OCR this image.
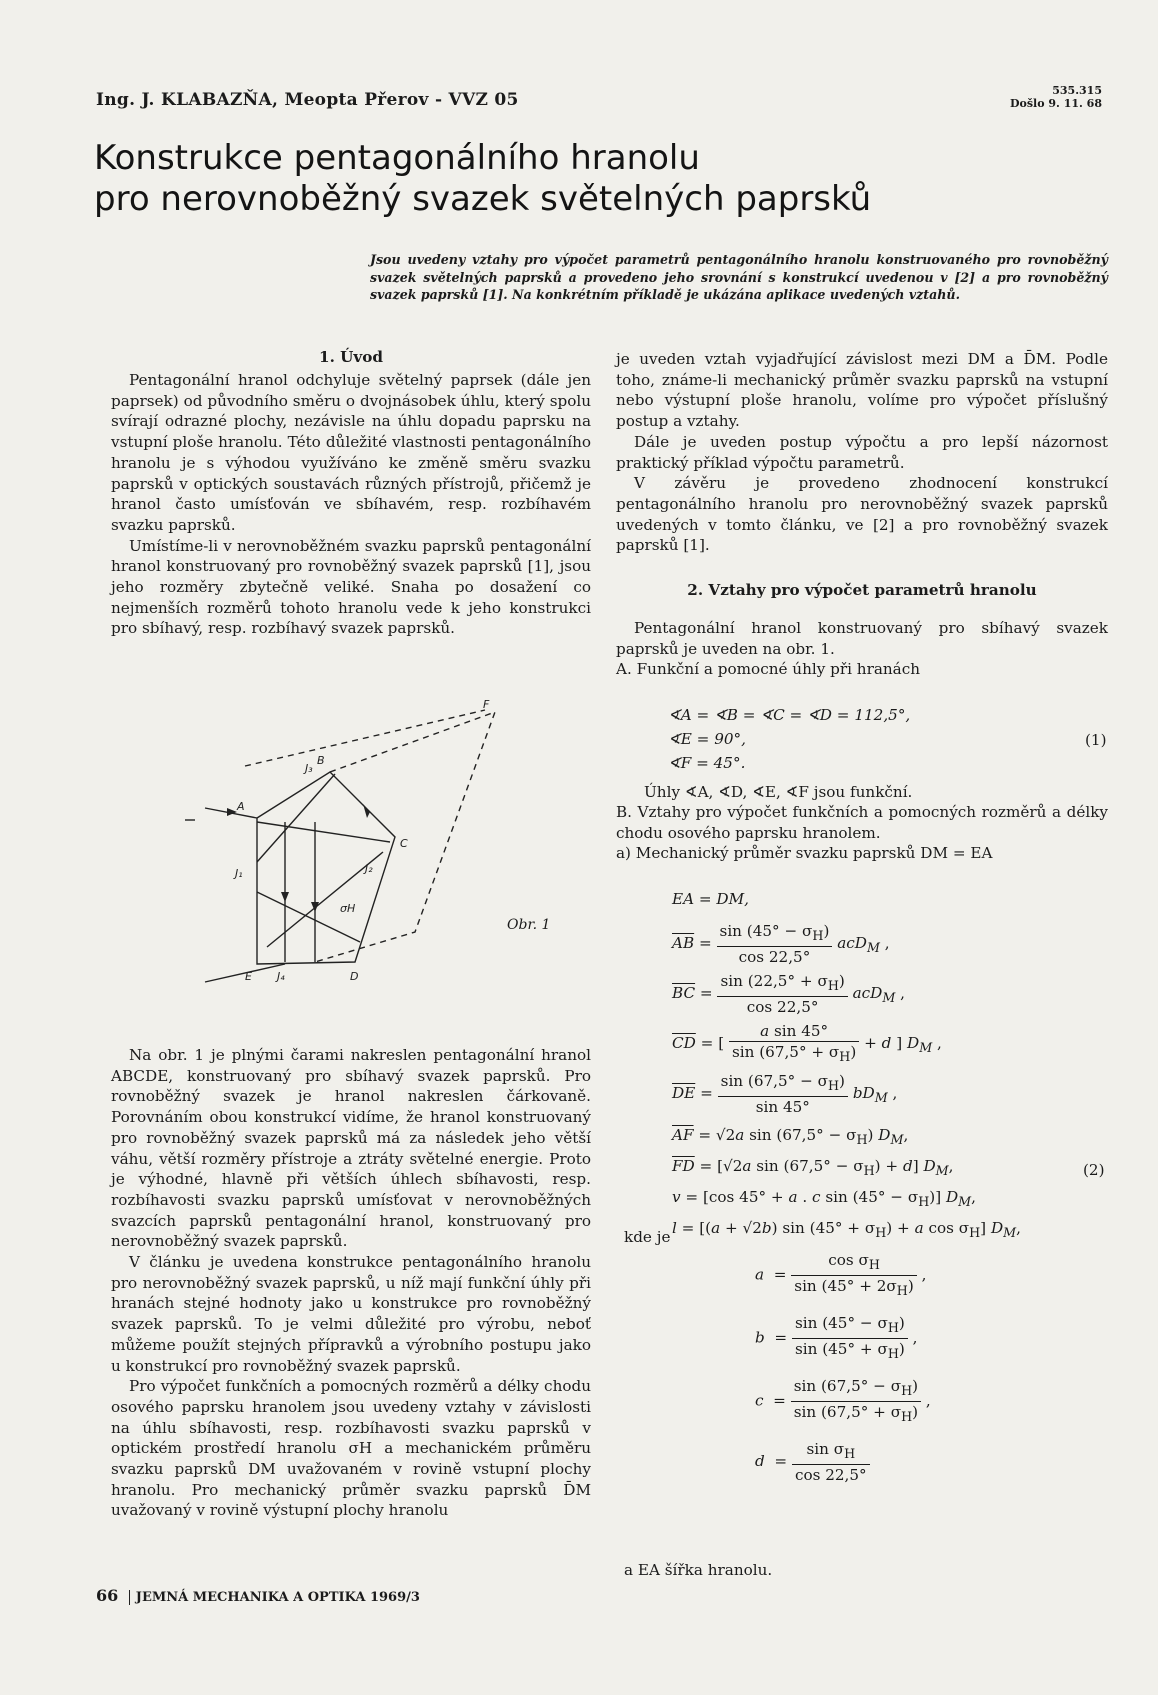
Ing. J. KLABAZŇA, Meopta Přerov - VVZ 05	535.315
Došlo 9. 11. 68
Konstrukce pentagonálního hranolu
pro nerovnoběžný svazek světelných paprsků
Jsou uvedeny vztahy pro výpočet parametrů pentagonálního hranolu konstruovaného pro rovnoběžný svazek světelných paprsků a provedeno jeho srovnání s konstrukcí uvedenou v [2] a pro rovnoběžný svazek paprsků [1]. Na konkrétním příkladě je ukázána aplikace uvedených vztahů.
1. Úvod

Pentagonální hranol odchyluje světelný paprsek (dále jen paprsek) od původního směru o dvojnásobek úhlu, který spolu svírají odrazné plochy, nezávisle na úhlu dopadu paprsku na vstupní ploše hranolu. Této důležité vlastnosti pentagonálního hranolu je s výhodou využíváno ke změně směru svazku paprsků v optických soustavách různých přístrojů, přičemž je hranol často umísťován ve sbíhavém, resp. rozbíhavém svazku paprsků.

Umístíme-li v nerovnoběžném svazku paprsků pentagonální hranol konstruovaný pro rovnoběžný svazek paprsků [1], jsou jeho rozměry zbytečně veliké. Snaha po dosažení co nejmenších rozměrů tohoto hranolu vede k jeho konstrukci pro sbíhavý, resp. rozbíhavý svazek paprsků.

A
B
C
D
E
F
J₁	J₂
J₃
J₄
σH
Obr. 1

Na obr. 1 je plnými čarami nakreslen pentagonální hranol ABCDE, konstruovaný pro sbíhavý svazek paprsků. Pro rovnoběžný svazek je hranol nakreslen čárkovaně. Porovnáním obou konstrukcí vidíme, že hranol konstruovaný pro rovnoběžný svazek paprsků má za následek jeho větší váhu, větší rozměry přístroje a ztráty světelné energie. Proto je výhodné, hlavně při větších úhlech sbíhavosti, resp. rozbíhavosti svazku paprsků umísťovat v nerovnoběžných svazcích paprsků pentagonální hranol, konstruovaný pro nerovnoběžný svazek paprsků.

V článku je uvedena konstrukce pentagonálního hranolu pro nerovnoběžný svazek paprsků, u níž mají funkční úhly při hranách stejné hodnoty jako u konstrukce pro rovnoběžný svazek paprsků. To je velmi důležité pro výrobu, neboť můžeme použít stejných přípravků a výrobního postupu jako u konstrukcí pro rovnoběžný svazek paprsků.

Pro výpočet funkčních a pomocných rozměrů a délky chodu osového paprsku hranolem jsou uvedeny vztahy v závislosti na úhlu sbíhavosti, resp. rozbíhavosti svazku paprsků v optickém prostředí hranolu σH a mechanickém průměru svazku paprsků DM uvažovaném v rovině vstupní plochy hranolu. Pro mechanický průměr svazku paprsků D̄M uvažovaný v rovině výstupní plochy hranolu

je uveden vztah vyjadřující závislost mezi DM a D̄M. Podle toho, známe-li mechanický průměr svazku paprsků na vstupní nebo výstupní ploše hranolu, volíme pro výpočet příslušný postup a vztahy.

Dále je uveden postup výpočtu a pro lepší názornost praktický příklad výpočtu parametrů.

V závěru je provedeno zhodnocení konstrukcí pentagonálního hranolu pro nerovnoběžný svazek paprsků uvedených v tomto článku, ve [2] a pro rovnoběžný svazek paprsků [1].

2. Vztahy pro výpočet parametrů hranolu

Pentagonální hranol konstruovaný pro sbíhavý svazek paprsků je uveden na obr. 1.

A. Funkční a pomocné úhly při hranách

∢A = ∢B = ∢C = ∢D = 112,5°,
∢E = 90°,
∢F = 45°.
(1)

Úhly ∢A, ∢D, ∢E, ∢F jsou funkční.

B. Vztahy pro výpočet funkčních a pomocných rozměrů a délky chodu osového paprsku hranolem.

a) Mechanický průměr svazku paprsků DM = EA

EA = DM,
$\overline{AB} = \frac{\sin (45^\circ - \sigma_H)}{\cos 22,5^\circ} acD_M$ ,
$\overline{BC} = \frac{\sin (22,5^\circ + \sigma_H)}{\cos 22,5^\circ} acD_M$ ,
$\overline{CD}$ = [ $\frac{\text{a sin 45°}}{\sin (67,5^\circ + \sigma_H)} + d$ ] $D_M$ ,
$\overline{DE} = \frac{\sin (67,5^\circ - \sigma_H)}{\sin 45^\circ} bD_M$ ,
$\overline{AF} = √2a$ $\sin (67,5^\circ - \sigma_H)$ $D_M$,
$\overline{FD} = [√2a$ $\sin (67,5^\circ - \sigma_H) + d$] $D_M$,
v = [cos 45° + a . c $\sin (45^\circ - \sigma_H)$] $D_M$,
l = [(a + √2b) $\sin (45^\circ + \sigma_H) + a$ $\cos \sigma_H$] $D_M$,
(2)
kde je
$a = \frac{\cos \sigma_H}{\sin (45^\circ + 2\sigma_H)}$ ,
$b = \frac{\sin (45^\circ - \sigma_H)}{\sin (45^\circ + \sigma_H)}$ ,
$c = \frac{\sin (67,5^\circ - \sigma_H)}{\sin (67,5^\circ + \sigma_H)}$ ,
$d = \frac{\sin \sigma_H}{\cos 22,5^\circ}$
a EA šířka hranolu.
66 JEMNÁ MECHANIKA A OPTIKA 1969/3
